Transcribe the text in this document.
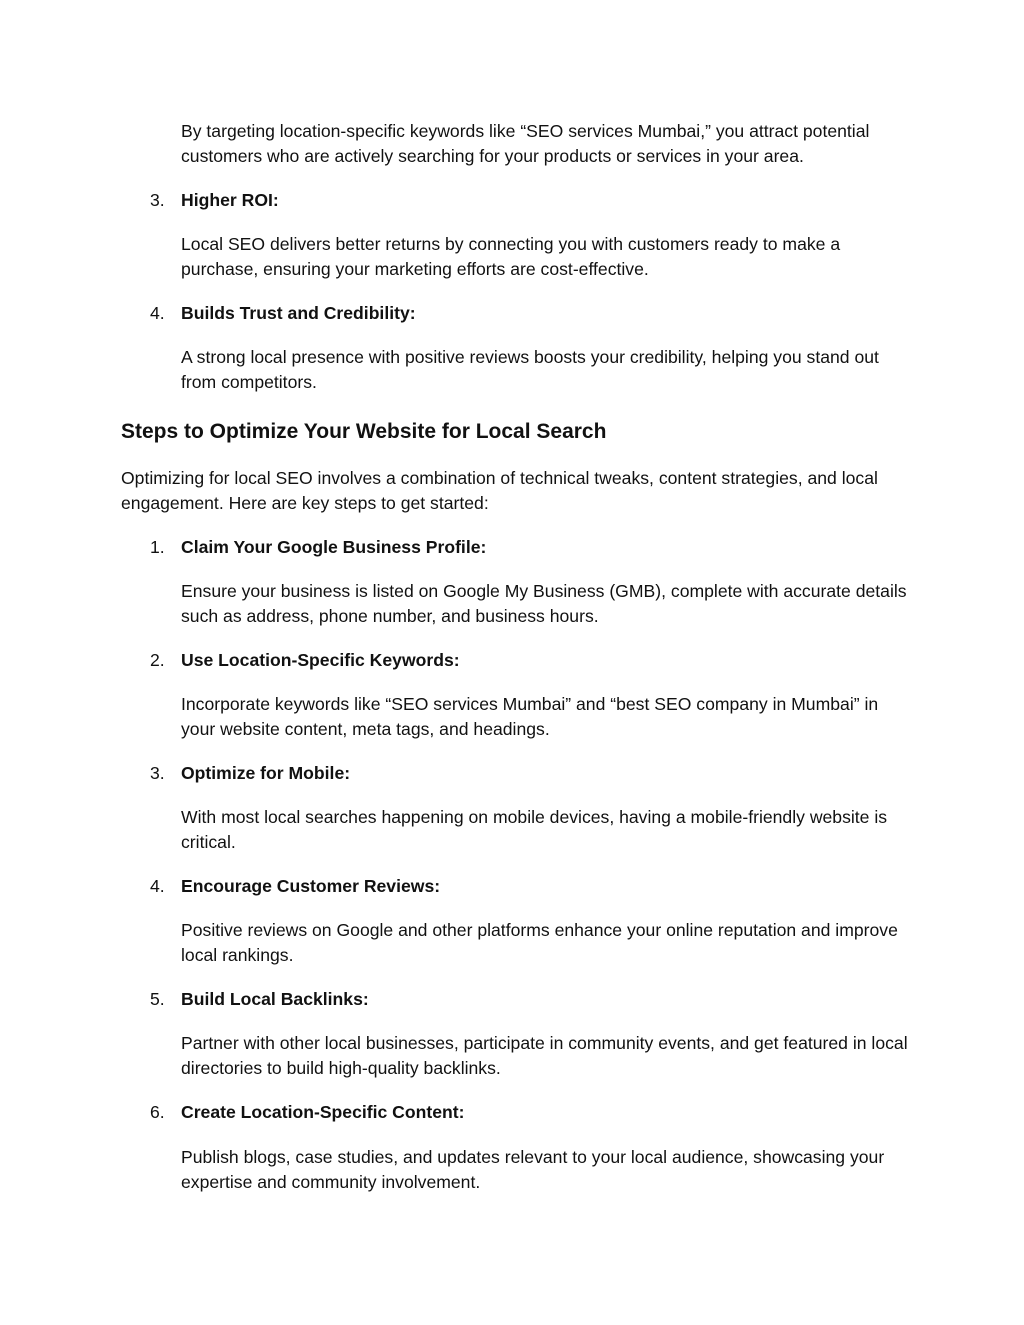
By targeting location-specific keywords like “SEO services Mumbai,” you attract potential customers who are actively searching for your products or services in your area.

3. Higher ROI:

Local SEO delivers better returns by connecting you with customers ready to make a purchase, ensuring your marketing efforts are cost-effective.

4. Builds Trust and Credibility:

A strong local presence with positive reviews boosts your credibility, helping you stand out from competitors.

Steps to Optimize Your Website for Local Search

Optimizing for local SEO involves a combination of technical tweaks, content strategies, and local engagement. Here are key steps to get started:

1. Claim Your Google Business Profile:

Ensure your business is listed on Google My Business (GMB), complete with accurate details such as address, phone number, and business hours.

2. Use Location-Specific Keywords:

Incorporate keywords like “SEO services Mumbai” and “best SEO company in Mumbai” in your website content, meta tags, and headings.

3. Optimize for Mobile:

With most local searches happening on mobile devices, having a mobile-friendly website is critical.

4. Encourage Customer Reviews:

Positive reviews on Google and other platforms enhance your online reputation and improve local rankings.

5. Build Local Backlinks:

Partner with other local businesses, participate in community events, and get featured in local directories to build high-quality backlinks.

6. Create Location-Specific Content:

Publish blogs, case studies, and updates relevant to your local audience, showcasing your expertise and community involvement.
